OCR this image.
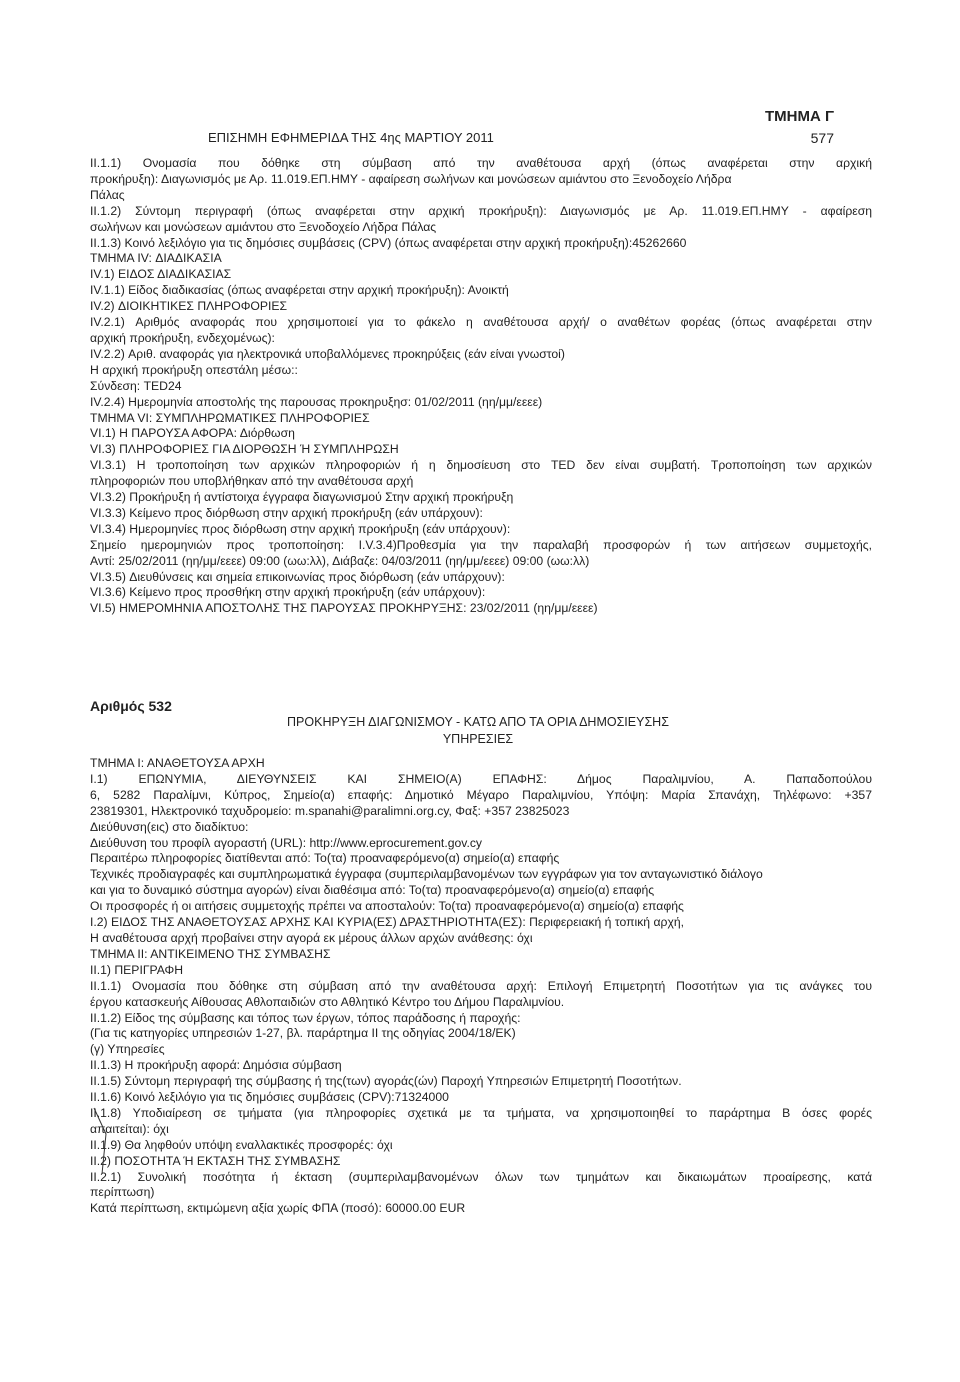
ΤΜΗΜΑ Γ
ΕΠΙΣΗΜΗ ΕΦΗΜΕΡΙΔΑ ΤΗΣ 4ης ΜΑΡΤΙΟΥ 2011	577
ΙΙ.1.1) Ονομασία που δόθηκε στη σύμβαση από την αναθέτουσα αρχή (όπως αναφέρεται στην αρχική
προκήρυξη): Διαγωνισμός με Αρ. 11.019.ΕΠ.ΗΜΥ - αφαίρεση σωλήνων και μονώσεων αμιάντου στο Ξενοδοχείο Λήδρα
Πάλας
ΙΙ.1.2) Σύντομη περιγραφή (όπως αναφέρεται στην αρχική προκήρυξη): Διαγωνισμός με Αρ. 11.019.ΕΠ.ΗΜΥ - αφαίρεση
σωλήνων και μονώσεων αμιάντου στο Ξενοδοχείο Λήδρα Πάλας
ΙΙ.1.3) Κοινό λεξιλόγιο για τις δημόσιες συμβάσεις (CPV) (όπως αναφέρεται στην αρχική προκήρυξη):45262660
ΤΜΗΜΑ IV: ΔΙΑΔΙΚΑΣΙΑ
IV.1) ΕΙΔΟΣ ΔΙΑΔΙΚΑΣΙΑΣ
IV.1.1) Είδος διαδικασίας (όπως αναφέρεται στην αρχική προκήρυξη): Ανοικτή
IV.2) ΔΙΟΙΚΗΤΙΚΕΣ ΠΛΗΡΟΦΟΡΙΕΣ
IV.2.1) Αριθμός αναφοράς που χρησιμοποιεί για το φάκελο η αναθέτουσα αρχή/ ο αναθέτων φορέας (όπως αναφέρεται στην
αρχική προκήρυξη, ενδεχομένως):
IV.2.2) Αριθ. αναφοράς για ηλεκτρονικά υποβαλλόμενες προκηρύξεις (εάν είναι γνωστοί)
Η αρχική προκήρυξη οπεστάλη μέσω::
Σύνδεση: TED24
IV.2.4) Ημερομηνία αποστολής της παρουσας προκηρυξησ: 01/02/2011 (ηη/μμ/εεεε)
ΤΜΗΜΑ VI: ΣΥΜΠΛΗΡΩΜΑΤΙΚΕΣ ΠΛΗΡΟΦΟΡΙΕΣ
VI.1) Η ΠΑΡΟΥΣΑ ΑΦΟΡΑ: Διόρθωση
VI.3) ΠΛΗΡΟΦΟΡΙΕΣ ΓΙΑ ΔΙΟΡΘΩΣΗ Ή ΣΥΜΠΛΗΡΩΣΗ
VI.3.1) Η τροποποίηση των αρχικών πληροφοριών ή η δημοσίευση στο TED δεν είναι συμβατή. Τροποποίηση των αρχικών
πληροφοριών που υποβλήθηκαν από την αναθέτουσα αρχή
VI.3.2) Προκήρυξη ή αντίστοιχα έγγραφα διαγωνισμού Στην αρχική προκήρυξη
VI.3.3) Κείμενο προς διόρθωση στην αρχική προκήρυξη (εάν υπάρχουν):
VI.3.4) Ημερομηνίες προς διόρθωση στην αρχική προκήρυξη (εάν υπάρχουν):
Σημείο ημερομηνιών προς τροποποίηση: Ι.V.3.4)Προθεσμία για την παραλαβή προσφορών ή των αιτήσεων συμμετοχής,
Αντί: 25/02/2011 (ηη/μμ/εεεε) 09:00 (ωω:λλ), Διάβαζε: 04/03/2011 (ηη/μμ/εεεε) 09:00 (ωω:λλ)
VI.3.5) Διευθύνσεις και σημεία επικοινωνίας προς διόρθωση (εάν υπάρχουν):
VI.3.6) Κείμενο προς προσθήκη στην αρχική προκήρυξη (εάν υπάρχουν):
VI.5) ΗΜΕΡΟΜΗΝΙΑ ΑΠΟΣΤΟΛΗΣ ΤΗΣ ΠΑΡΟΥΣΑΣ ΠΡΟΚΗΡΥΞΗΣ: 23/02/2011 (ηη/μμ/εεεε)
Αριθμός 532
ΠΡΟΚΗΡΥΞΗ ΔΙΑΓΩΝΙΣΜΟΥ - ΚΑΤΩ ΑΠΟ ΤΑ ΟΡΙΑ ΔΗΜΟΣΙΕΥΣΗΣ ΥΠΗΡΕΣΙΕΣ
ΤΜΗΜΑ Ι: ΑΝΑΘΕΤΟΥΣΑ ΑΡΧΗ
Ι.1) ΕΠΩΝΥΜΙΑ, ΔΙΕΥΘΥΝΣΕΙΣ ΚΑΙ ΣΗΜΕΙΟ(Α) ΕΠΑΦΗΣ: Δήμος Παραλιμνίου, Α. Παπαδοπούλου
6, 5282 Παραλίμνι, Κύπρος, Σημείο(α) επαφής: Δημοτικό Μέγαρο Παραλιμνίου, Υπόψη: Μαρία Σπανάχη, Τηλέφωνο: +357
23819301, Ηλεκτρονικό ταχυδρομείο: m.spanahi@paralimni.org.cy, Φαξ: +357 23825023
Διεύθυνση(εις) στο διαδίκτυο:
Διεύθυνση του προφίλ αγοραστή (URL): http://www.eprocurement.gov.cy
Περαιτέρω πληροφορίες διατίθενται από: Το(τα) προαναφερόμενο(α) σημείο(α) επαφής
Τεχνικές προδιαγραφές και συμπληρωματικά έγγραφα (συμπεριλαμβανομένων των εγγράφων για τον ανταγωνιστικό διάλογο
και για το δυναμικό σύστημα αγορών) είναι διαθέσιμα από: Το(τα) προαναφερόμενο(α) σημείο(α) επαφής
Οι προσφορές ή οι αιτήσεις συμμετοχής πρέπει να αποσταλούν: Το(τα) προαναφερόμενο(α) σημείο(α) επαφής
Ι.2) ΕΙΔΟΣ ΤΗΣ ΑΝΑΘΕΤΟΥΣΑΣ ΑΡΧΗΣ ΚΑΙ ΚΥΡΙΑ(ΕΣ) ΔΡΑΣΤΗΡΙΟΤΗΤΑ(ΕΣ): Περιφερειακή ή τοπική αρχή,
Η αναθέτουσα αρχή προβαίνει στην αγορά εκ μέρους άλλων αρχών ανάθεσης: όχι
ΤΜΗΜΑ ΙΙ: ΑΝΤΙΚΕΙΜΕΝΟ ΤΗΣ ΣΥΜΒΑΣΗΣ
ΙΙ.1) ΠΕΡΙΓΡΑΦΗ
ΙΙ.1.1) Ονομασία που δόθηκε στη σύμβαση από την αναθέτουσα αρχή: Επιλογή Επιμετρητή Ποσοτήτων για τις ανάγκες του
έργου κατασκευής Αίθουσας Αθλοπαιδιών στο Αθλητικό Κέντρο του Δήμου Παραλιμνίου.
ΙΙ.1.2) Είδος της σύμβασης και τόπος των έργων, τόπος παράδοσης ή παροχής:
(Για τις κατηγορίες υπηρεσιών 1-27, βλ. παράρτημα ΙΙ της οδηγίας 2004/18/ΕΚ)
(γ) Υπηρεσίες
ΙΙ.1.3) Η προκήρυξη αφορά: Δημόσια σύμβαση
ΙΙ.1.5) Σύντομη περιγραφή της σύμβασης ή της(των) αγοράς(ών) Παροχή Υπηρεσιών Επιμετρητή Ποσοτήτων.
ΙΙ.1.6) Κοινό λεξιλόγιο για τις δημόσιες συμβάσεις (CPV):71324000
ΙΙ.1.8) Υποδιαίρεση σε τμήματα (για πληροφορίες σχετικά με τα τμήματα, να χρησιμοποιηθεί το παράρτημα Β όσες φορές
απαιτείται): όχι
ΙΙ.1.9) Θα ληφθούν υπόψη εναλλακτικές προσφορές: όχι
ΙΙ.2) ΠΟΣΟΤΗΤΑ Ή ΕΚΤΑΣΗ ΤΗΣ ΣΥΜΒΑΣΗΣ
ΙΙ.2.1) Συνολική ποσότητα ή έκταση (συμπεριλαμβανομένων όλων των τμημάτων και δικαιωμάτων προαίρεσης, κατά
περίπτωση)
Κατά περίπτωση, εκτιμώμενη αξία χωρίς ΦΠΑ (ποσό): 60000.00 EUR
